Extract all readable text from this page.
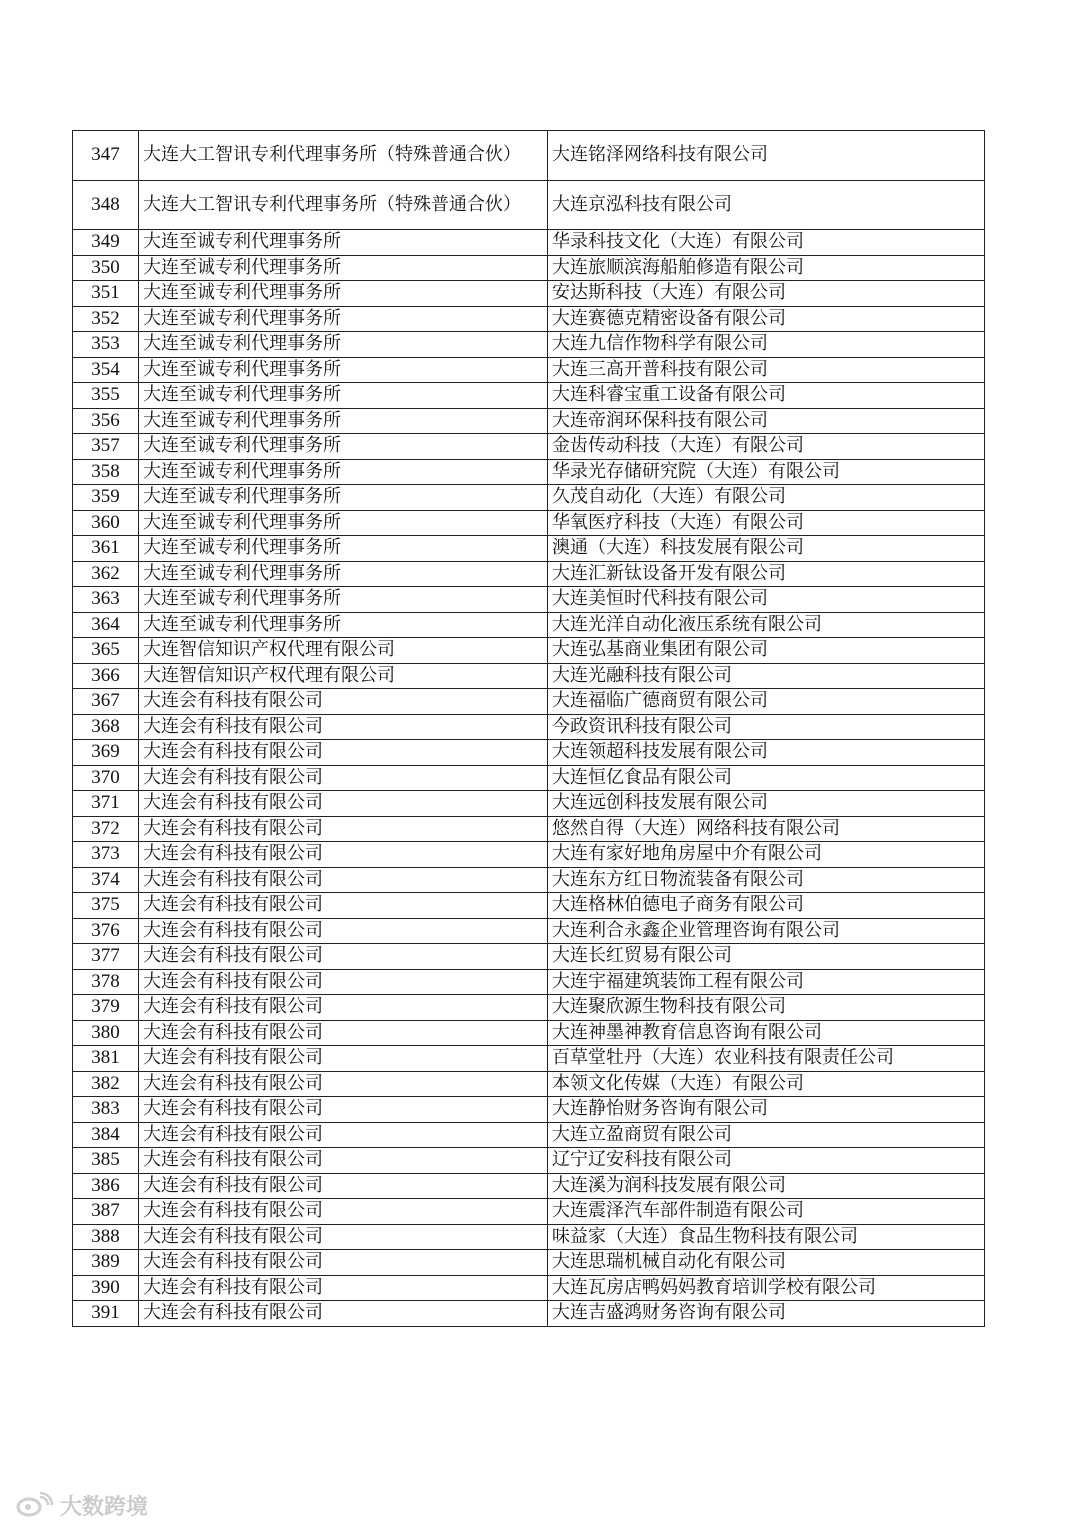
347	大连大工智讯专利代理事务所（特殊普通合伙）	大连铭泽网络科技有限公司
348	大连大工智讯专利代理事务所（特殊普通合伙）	大连京泓科技有限公司
349	大连至诚专利代理事务所	华录科技文化（大连）有限公司
350	大连至诚专利代理事务所	大连旅顺滨海船舶修造有限公司
351	大连至诚专利代理事务所	安达斯科技（大连）有限公司
352	大连至诚专利代理事务所	大连赛德克精密设备有限公司
353	大连至诚专利代理事务所	大连九信作物科学有限公司
354	大连至诚专利代理事务所	大连三高开普科技有限公司
355	大连至诚专利代理事务所	大连科睿宝重工设备有限公司
356	大连至诚专利代理事务所	大连帝润环保科技有限公司
357	大连至诚专利代理事务所	金齿传动科技（大连）有限公司
358	大连至诚专利代理事务所	华录光存储研究院（大连）有限公司
359	大连至诚专利代理事务所	久茂自动化（大连）有限公司
360	大连至诚专利代理事务所	华氧医疗科技（大连）有限公司
361	大连至诚专利代理事务所	澳通（大连）科技发展有限公司
362	大连至诚专利代理事务所	大连汇新钛设备开发有限公司
363	大连至诚专利代理事务所	大连美恒时代科技有限公司
364	大连至诚专利代理事务所	大连光洋自动化液压系统有限公司
365	大连智信知识产权代理有限公司	大连弘基商业集团有限公司
366	大连智信知识产权代理有限公司	大连光融科技有限公司
367	大连会有科技有限公司	大连福临广德商贸有限公司
368	大连会有科技有限公司	今政资讯科技有限公司
369	大连会有科技有限公司	大连领超科技发展有限公司
370	大连会有科技有限公司	大连恒亿食品有限公司
371	大连会有科技有限公司	大连远创科技发展有限公司
372	大连会有科技有限公司	悠然自得（大连）网络科技有限公司
373	大连会有科技有限公司	大连有家好地角房屋中介有限公司
374	大连会有科技有限公司	大连东方红日物流装备有限公司
375	大连会有科技有限公司	大连格林伯德电子商务有限公司
376	大连会有科技有限公司	大连利合永鑫企业管理咨询有限公司
377	大连会有科技有限公司	大连长红贸易有限公司
378	大连会有科技有限公司	大连宇福建筑装饰工程有限公司
379	大连会有科技有限公司	大连聚欣源生物科技有限公司
380	大连会有科技有限公司	大连神墨神教育信息咨询有限公司
381	大连会有科技有限公司	百草堂牡丹（大连）农业科技有限责任公司
382	大连会有科技有限公司	本领文化传媒（大连）有限公司
383	大连会有科技有限公司	大连静怡财务咨询有限公司
384	大连会有科技有限公司	大连立盈商贸有限公司
385	大连会有科技有限公司	辽宁辽安科技有限公司
386	大连会有科技有限公司	大连溪为润科技发展有限公司
387	大连会有科技有限公司	大连震泽汽车部件制造有限公司
388	大连会有科技有限公司	味益家（大连）食品生物科技有限公司
389	大连会有科技有限公司	大连思瑞机械自动化有限公司
390	大连会有科技有限公司	大连瓦房店鸭妈妈教育培训学校有限公司
391	大连会有科技有限公司	大连吉盛鸿财务咨询有限公司
大数跨境
